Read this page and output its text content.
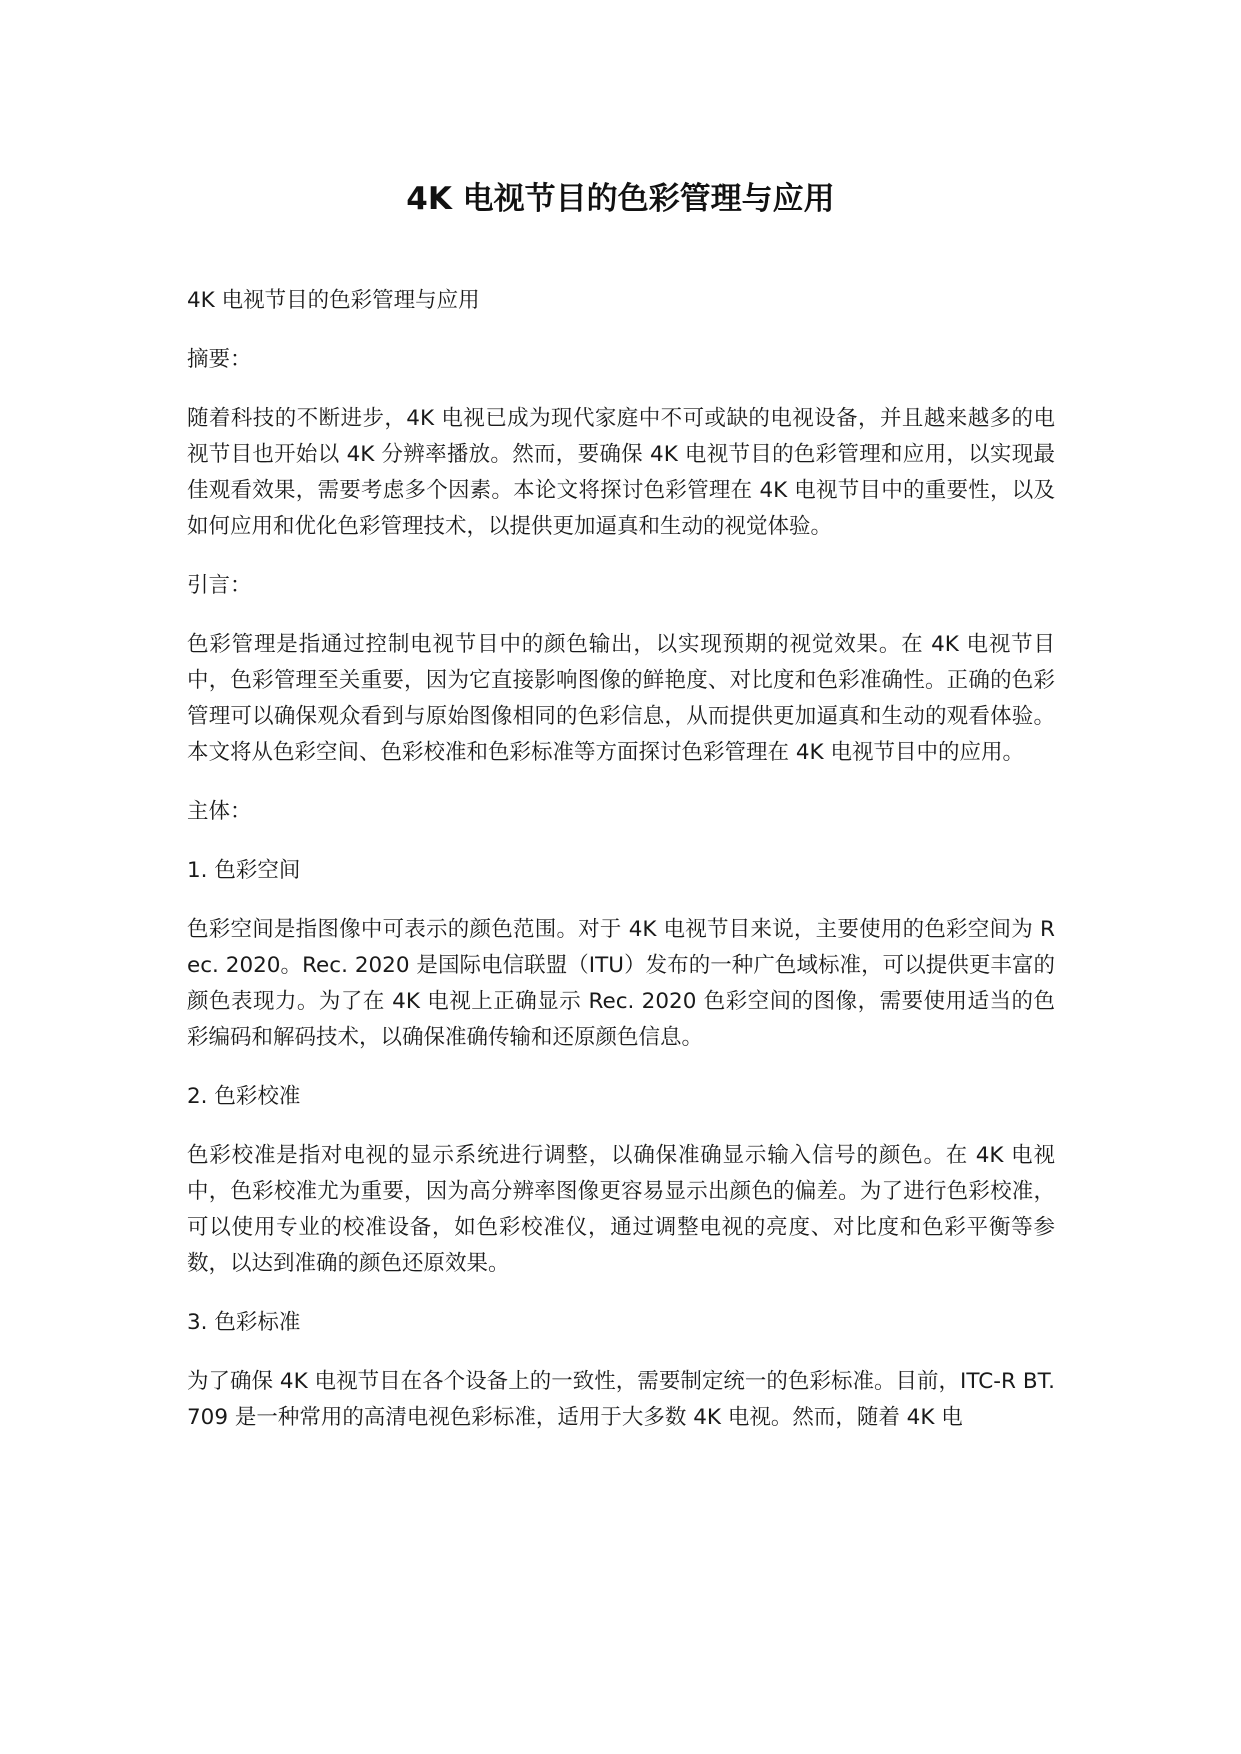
4K 电视节目的色彩管理与应用

4K 电视节目的色彩管理与应用

摘要：

随着科技的不断进步，4K 电视已成为现代家庭中不可或缺的电视设备，并且越来越多的电视节目也开始以 4K 分辨率播放。然而，要确保 4K 电视节目的色彩管理和应用，以实现最佳观看效果，需要考虑多个因素。本论文将探讨色彩管理在 4K 电视节目中的重要性，以及如何应用和优化色彩管理技术，以提供更加逼真和生动的视觉体验。

引言：

色彩管理是指通过控制电视节目中的颜色输出，以实现预期的视觉效果。在 4K 电视节目中，色彩管理至关重要，因为它直接影响图像的鲜艳度、对比度和色彩准确性。正确的色彩管理可以确保观众看到与原始图像相同的色彩信息，从而提供更加逼真和生动的观看体验。本文将从色彩空间、色彩校准和色彩标准等方面探讨色彩管理在 4K 电视节目中的应用。

主体：

1. 色彩空间

色彩空间是指图像中可表示的颜色范围。对于 4K 电视节目来说，主要使用的色彩空间为 Rec. 2020。Rec. 2020 是国际电信联盟（ITU）发布的一种广色域标准，可以提供更丰富的颜色表现力。为了在 4K 电视上正确显示 Rec. 2020 色彩空间的图像，需要使用适当的色彩编码和解码技术，以确保准确传输和还原颜色信息。

2. 色彩校准

色彩校准是指对电视的显示系统进行调整，以确保准确显示输入信号的颜色。在 4K 电视中，色彩校准尤为重要，因为高分辨率图像更容易显示出颜色的偏差。为了进行色彩校准，可以使用专业的校准设备，如色彩校准仪，通过调整电视的亮度、对比度和色彩平衡等参数，以达到准确的颜色还原效果。

3. 色彩标准

为了确保 4K 电视节目在各个设备上的一致性，需要制定统一的色彩标准。目前，ITC-R BT.709 是一种常用的高清电视色彩标准，适用于大多数 4K 电视。然而，随着 4K 电
